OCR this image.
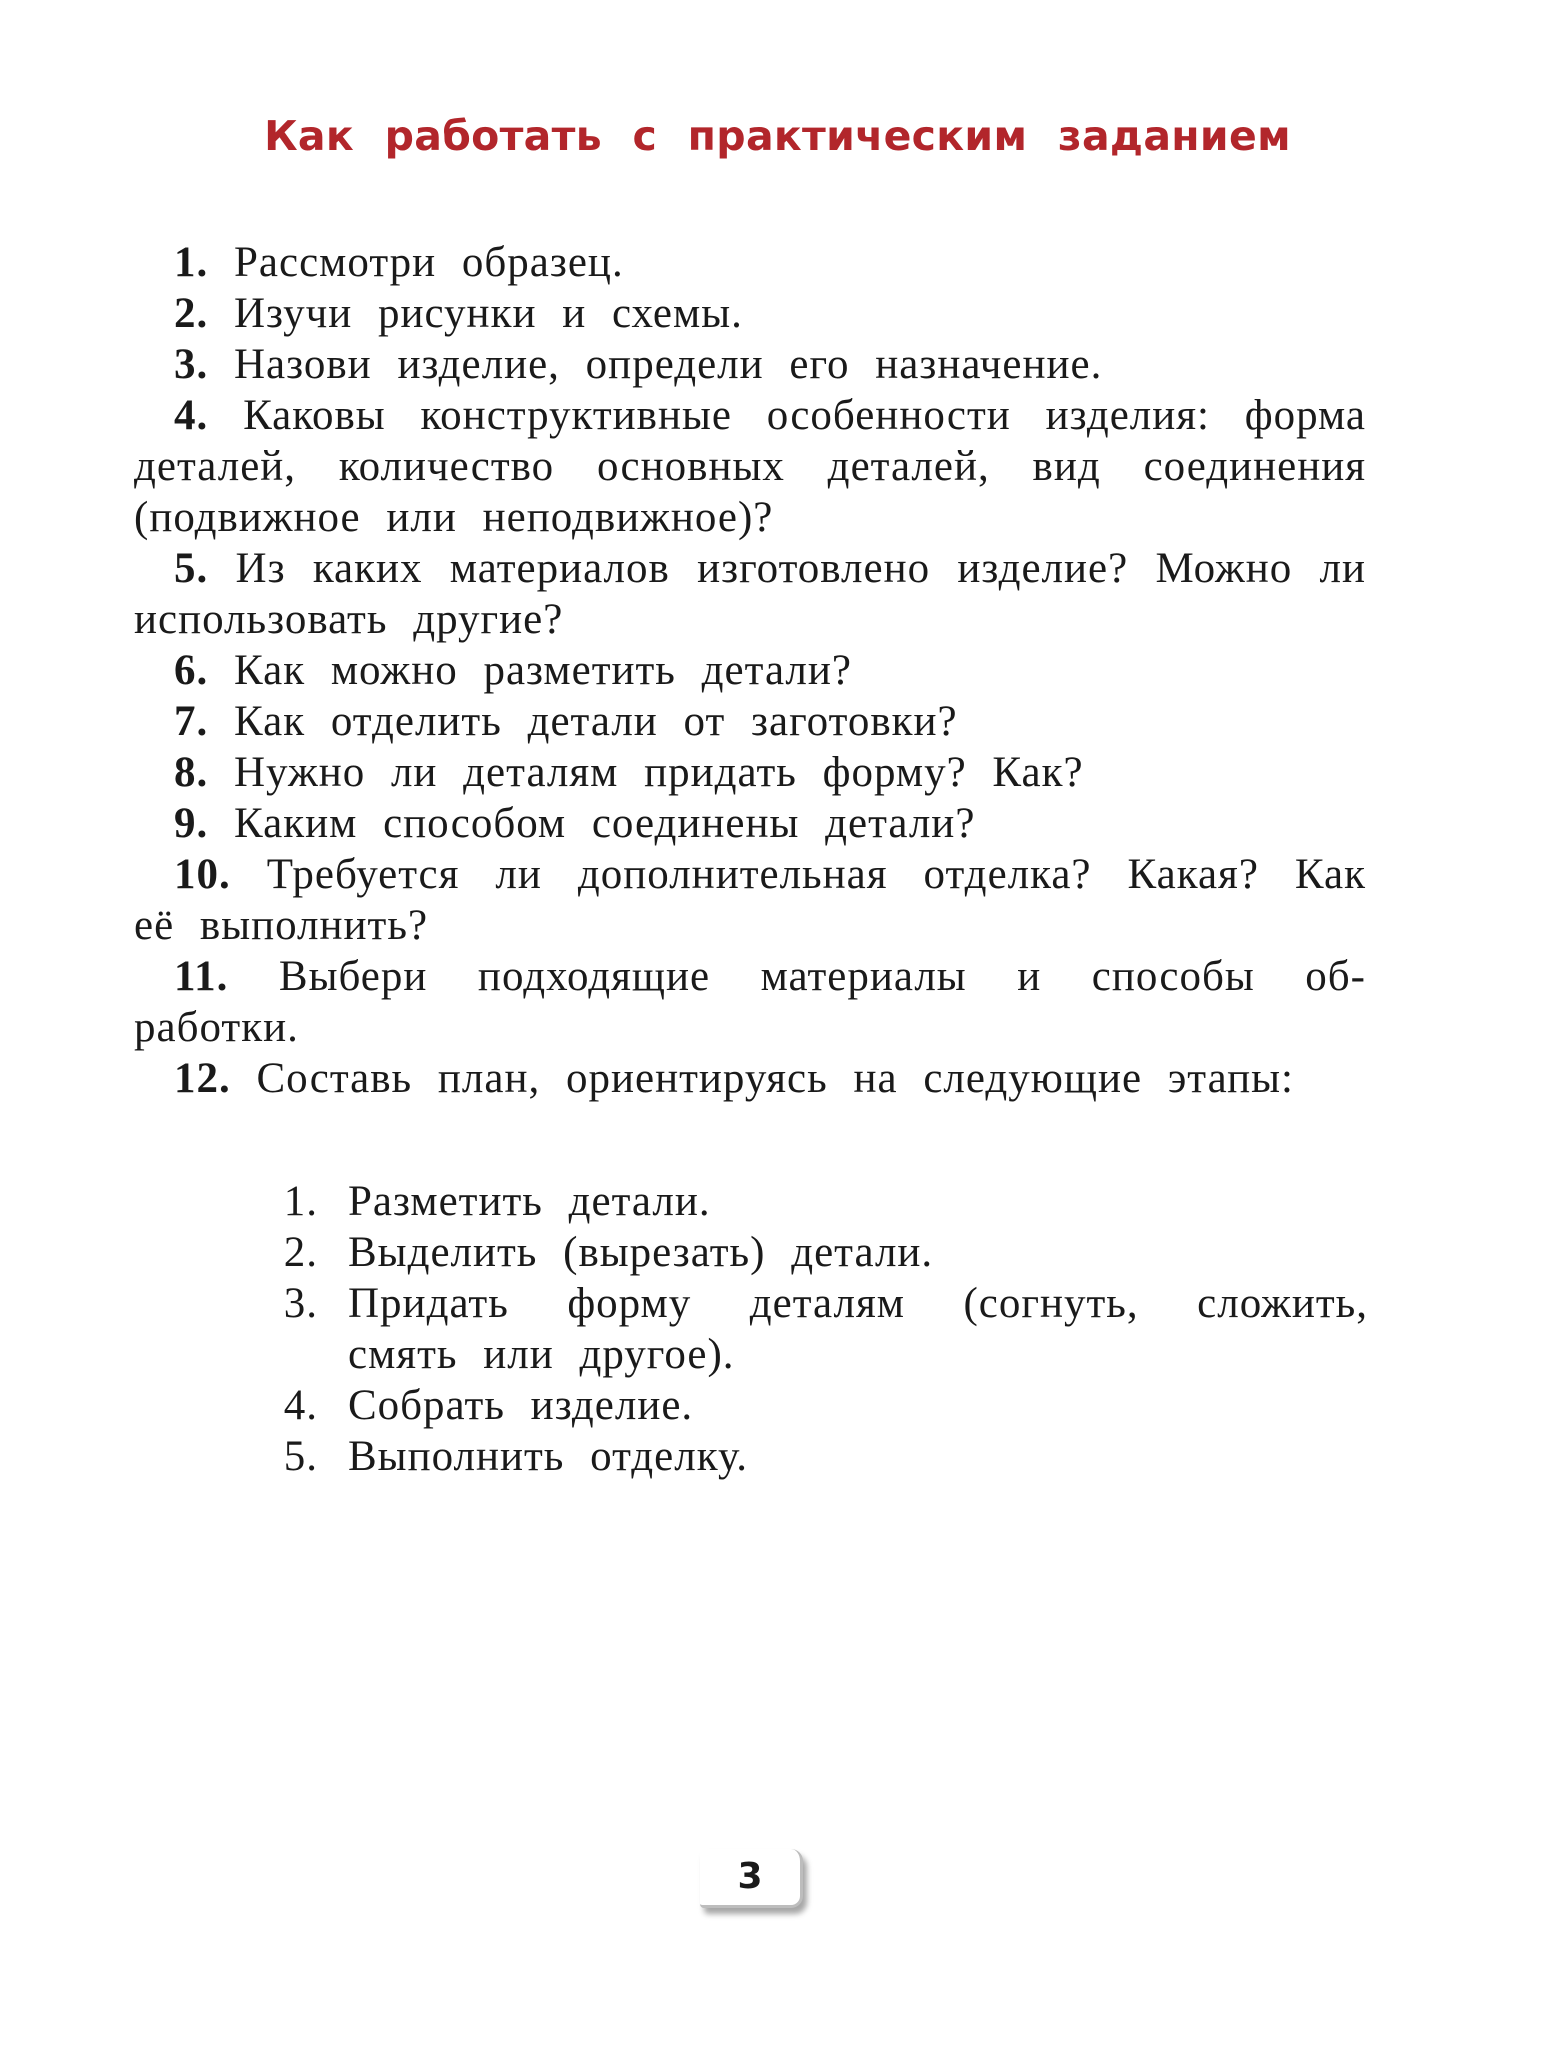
Как работать с практическим заданием

1. Рассмотри образец.

2. Изучи рисунки и схемы.

3. Назови изделие, определи его назначение.

4. Каковы конструктивные особенности изделия: форма деталей, количество основных деталей, вид соединения (подвижное или неподвижное)?

5. Из каких материалов изготовлено изделие? Можно ли использовать другие?

6. Как можно разметить детали?

7. Как отделить детали от заготовки?

8. Нужно ли деталям придать форму? Как?

9. Каким способом соединены детали?

10. Требуется ли дополнительная отделка? Какая? Как её выполнить?

11. Выбери подходящие материалы и способы об-работки.

12. Составь план, ориентируясь на следующие этапы:

1. Разметить детали.
2. Выделить (вырезать) детали.
3. Придать форму деталям (согнуть, сложить, смять или другое).
4. Собрать изделие.
5. Выполнить отделку.
3
